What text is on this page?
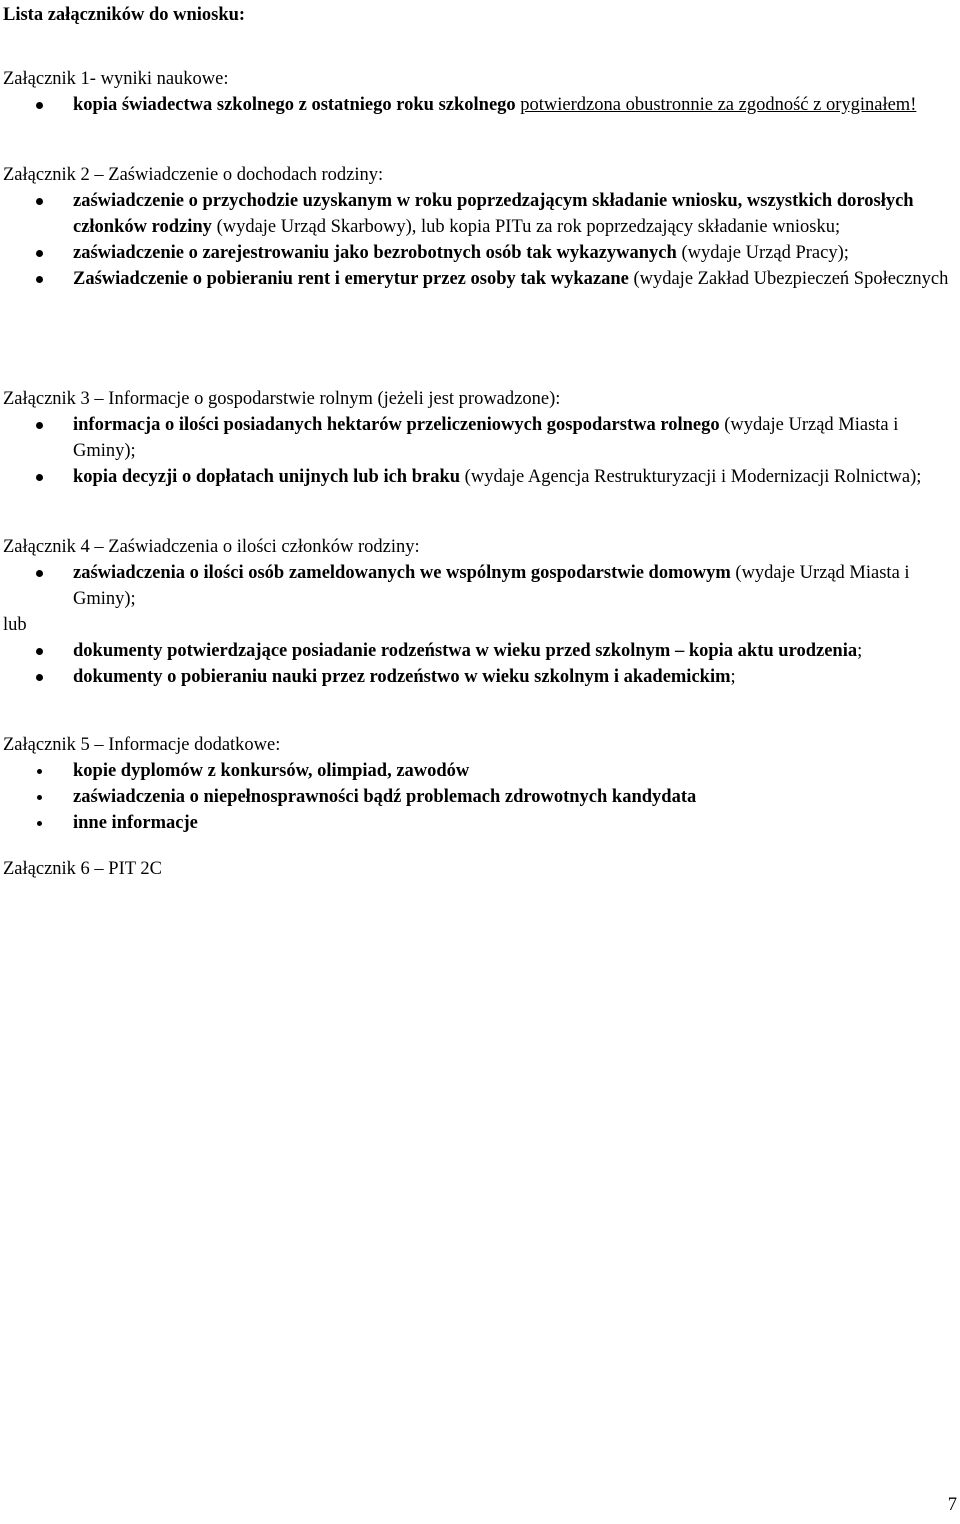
Lista załączników do wniosku:

Załącznik 1- wyniki naukowe:

kopia świadectwa szkolnego z ostatniego roku szkolnego potwierdzona obustronnie za zgodność z oryginałem!

Załącznik 2 – Zaświadczenie o dochodach rodziny:

zaświadczenie o przychodzie uzyskanym w roku poprzedzającym składanie wniosku, wszystkich dorosłych członków rodziny (wydaje Urząd Skarbowy), lub kopia PITu za rok poprzedzający składanie wniosku;
zaświadczenie o zarejestrowaniu jako bezrobotnych osób tak wykazywanych (wydaje Urząd Pracy);
Zaświadczenie o pobieraniu rent i emerytur przez osoby tak wykazane (wydaje Zakład Ubezpieczeń Społecznych

Załącznik 3 – Informacje o gospodarstwie rolnym (jeżeli jest prowadzone):

informacja o ilości posiadanych hektarów przeliczeniowych gospodarstwa rolnego (wydaje Urząd Miasta i Gminy);
kopia decyzji o dopłatach unijnych lub ich braku (wydaje Agencja Restrukturyzacji i Modernizacji Rolnictwa);

Załącznik 4 – Zaświadczenia o ilości członków rodziny:

zaświadczenia o ilości osób zameldowanych we wspólnym gospodarstwie domowym (wydaje Urząd Miasta i Gminy);

lub

dokumenty potwierdzające posiadanie rodzeństwa w wieku przed szkolnym – kopia aktu urodzenia;
dokumenty o pobieraniu nauki przez rodzeństwo w wieku szkolnym i akademickim;

Załącznik 5 – Informacje dodatkowe:

kopie dyplomów z konkursów, olimpiad, zawodów
zaświadczenia o niepełnosprawności bądź problemach zdrowotnych kandydata
inne informacje

Załącznik 6 – PIT 2C

7
